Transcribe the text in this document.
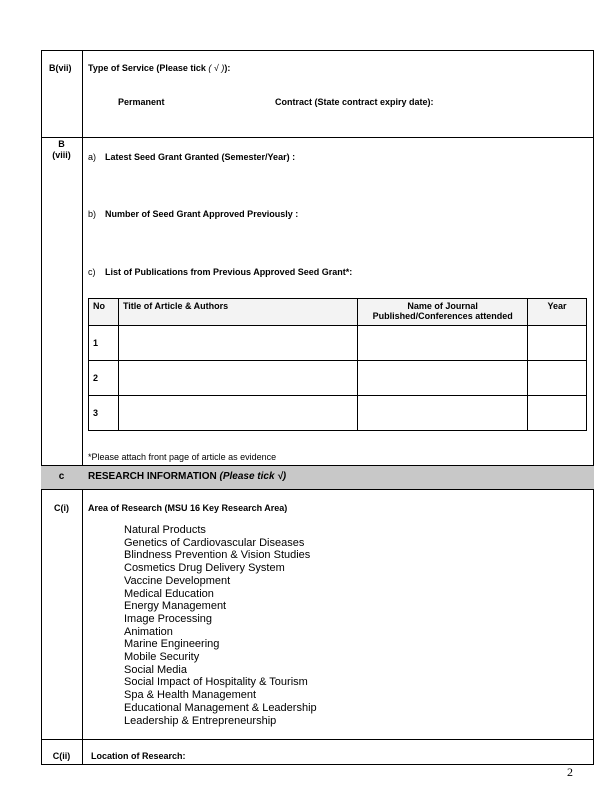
B(vii) Type of Service (Please tick ( √ )):
Permanent	Contract (State contract expiry date):
B
(viii)	a) Latest Seed Grant Granted (Semester/Year) :
b) Number of Seed Grant Approved Previously :
c) List of Publications from Previous Approved Seed Grant*:
No	Title of Article & Authors	Name of Journal Published/Conferences attended	Year
1			
2			
3			
*Please attach front page of article as evidence
c	RESEARCH INFORMATION (Please tick √)
C(i)	Area of Research (MSU 16 Key Research Area)
Natural Products
Genetics of Cardiovascular Diseases
Blindness Prevention & Vision Studies
Cosmetics Drug Delivery System
Vaccine Development
Medical Education
Energy Management
Image Processing
Animation
Marine Engineering
Mobile Security
Social Media
Social Impact of Hospitality & Tourism
Spa & Health Management
Educational Management & Leadership
Leadership & Entrepreneurship
C(ii)	Location of Research:
2
